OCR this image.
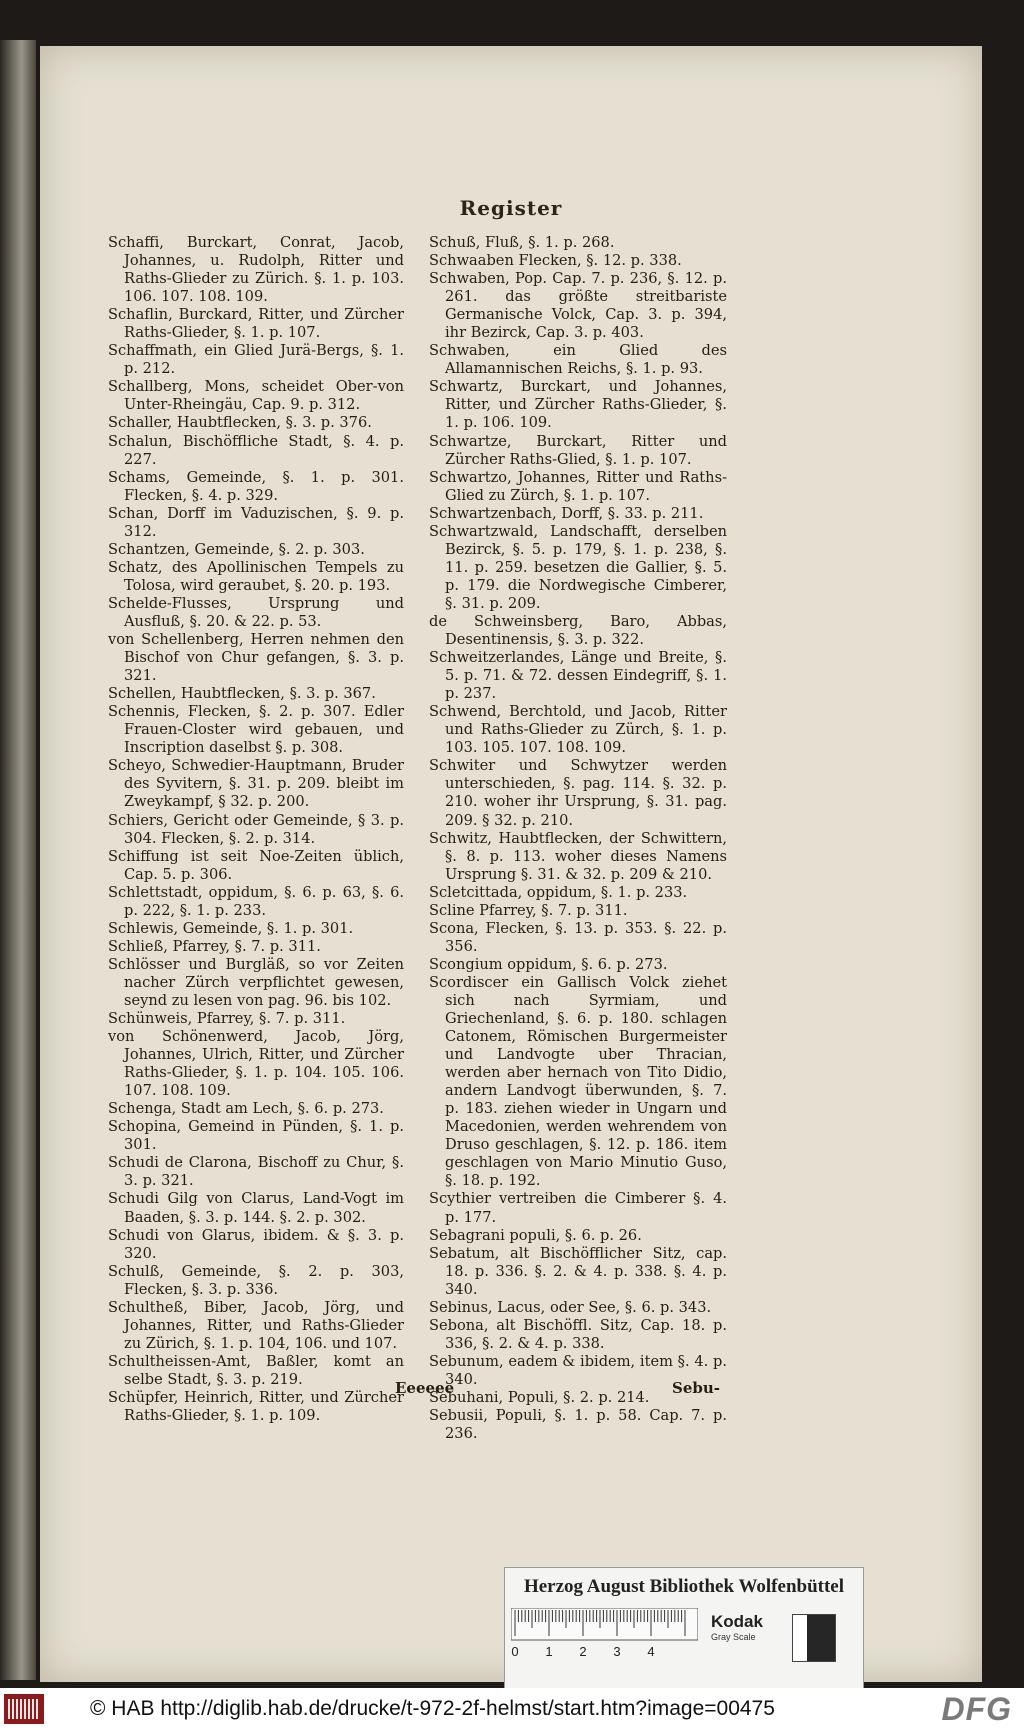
Register

Schaffi, Burckart, Conrat, Jacob, Johannes, u. Rudolph, Ritter und Raths-Glieder zu Zürich. §. 1. p. 103. 106. 107. 108. 109.

Schaflin, Burckard, Ritter, und Zürcher Raths-Glieder, §. 1. p. 107.

Schaffmath, ein Glied Jurä-Bergs, §. 1. p. 212.

Schallberg, Mons, scheidet Ober-von Unter-Rheingäu, Cap. 9. p. 312.

Schaller, Haubtflecken, §. 3. p. 376.

Schalun, Bischöffliche Stadt, §. 4. p. 227.

Schams, Gemeinde, §. 1. p. 301. Flecken, §. 4. p. 329.

Schan, Dorff im Vaduzischen, §. 9. p. 312.

Schantzen, Gemeinde, §. 2. p. 303.

Schatz, des Apollinischen Tempels zu Tolosa, wird geraubet, §. 20. p. 193.

Schelde-Flusses, Ursprung und Ausfluß, §. 20. & 22. p. 53.

von Schellenberg, Herren nehmen den Bischof von Chur gefangen, §. 3. p. 321.

Schellen, Haubtflecken, §. 3. p. 367.

Schennis, Flecken, §. 2. p. 307. Edler Frauen-Closter wird gebauen, und Inscription daselbst §. p. 308.

Scheyo, Schwedier-Hauptmann, Bruder des Syvitern, §. 31. p. 209. bleibt im Zweykampf, § 32. p. 200.

Schiers, Gericht oder Gemeinde, § 3. p. 304. Flecken, §. 2. p. 314.

Schiffung ist seit Noe-Zeiten üblich, Cap. 5. p. 306.

Schlettstadt, oppidum, §. 6. p. 63, §. 6. p. 222, §. 1. p. 233.

Schlewis, Gemeinde, §. 1. p. 301.

Schließ, Pfarrey, §. 7. p. 311.

Schlösser und Burgläß, so vor Zeiten nacher Zürch verpflichtet gewesen, seynd zu lesen von pag. 96. bis 102.

Schünweis, Pfarrey, §. 7. p. 311.

von Schönenwerd, Jacob, Jörg, Johannes, Ulrich, Ritter, und Zürcher Raths-Glieder, §. 1. p. 104. 105. 106. 107. 108. 109.

Schenga, Stadt am Lech, §. 6. p. 273.

Schopina, Gemeind in Pünden, §. 1. p. 301.

Schudi de Clarona, Bischoff zu Chur, §. 3. p. 321.

Schudi Gilg von Clarus, Land-Vogt im Baaden, §. 3. p. 144. §. 2. p. 302.

Schudi von Glarus, ibidem. & §. 3. p. 320.

Schulß, Gemeinde, §. 2. p. 303, Flecken, §. 3. p. 336.

Schultheß, Biber, Jacob, Jörg, und Johannes, Ritter, und Raths-Glieder zu Zürich, §. 1. p. 104, 106. und 107.

Schultheissen-Amt, Baßler, komt an selbe Stadt, §. 3. p. 219.

Schüpfer, Heinrich, Ritter, und Zürcher Raths-Glieder, §. 1. p. 109.

Schuß, Fluß, §. 1. p. 268.

Schwaaben Flecken, §. 12. p. 338.

Schwaben, Pop. Cap. 7. p. 236, §. 12. p. 261. das größte streitbariste Germanische Volck, Cap. 3. p. 394, ihr Bezirck, Cap. 3. p. 403.

Schwaben, ein Glied des Allamannischen Reichs, §. 1. p. 93.

Schwartz, Burckart, und Johannes, Ritter, und Zürcher Raths-Glieder, §. 1. p. 106. 109.

Schwartze, Burckart, Ritter und Zürcher Raths-Glied, §. 1. p. 107.

Schwartzo, Johannes, Ritter und Raths-Glied zu Zürch, §. 1. p. 107.

Schwartzenbach, Dorff, §. 33. p. 211.

Schwartzwald, Landschafft, derselben Bezirck, §. 5. p. 179, §. 1. p. 238, §. 11. p. 259. besetzen die Gallier, §. 5. p. 179. die Nordwegische Cimberer, §. 31. p. 209.

de Schweinsberg, Baro, Abbas, Desentinensis, §. 3. p. 322.

Schweitzerlandes, Länge und Breite, §. 5. p. 71. & 72. dessen Eindegriff, §. 1. p. 237.

Schwend, Berchtold, und Jacob, Ritter und Raths-Glieder zu Zürch, §. 1. p. 103. 105. 107. 108. 109.

Schwiter und Schwytzer werden unterschieden, §. pag. 114. §. 32. p. 210. woher ihr Ursprung, §. 31. pag. 209. § 32. p. 210.

Schwitz, Haubtflecken, der Schwittern, §. 8. p. 113. woher dieses Namens Ursprung §. 31. & 32. p. 209 & 210.

Scletcittada, oppidum, §. 1. p. 233.

Scline Pfarrey, §. 7. p. 311.

Scona, Flecken, §. 13. p. 353. §. 22. p. 356.

Scongium oppidum, §. 6. p. 273.

Scordiscer ein Gallisch Volck ziehet sich nach Syrmiam, und Griechenland, §. 6. p. 180. schlagen Catonem, Römischen Burgermeister und Landvogte uber Thracian, werden aber hernach von Tito Didio, andern Landvogt überwunden, §. 7. p. 183. ziehen wieder in Ungarn und Macedonien, werden wehrendem von Druso geschlagen, §. 12. p. 186. item geschlagen von Mario Minutio Guso, §. 18. p. 192.

Scythier vertreiben die Cimberer §. 4. p. 177.

Sebagrani populi, §. 6. p. 26.

Sebatum, alt Bischöfflicher Sitz, cap. 18. p. 336. §. 2. & 4. p. 338. §. 4. p. 340.

Sebinus, Lacus, oder See, §. 6. p. 343.

Sebona, alt Bischöffl. Sitz, Cap. 18. p. 336, §. 2. & 4. p. 338.

Sebunum, eadem & ibidem, item §. 4. p. 340.

Sebuhani, Populi, §. 2. p. 214.

Sebusii, Populi, §. 1. p. 58. Cap. 7. p. 236.

Eeeeee	Sebu-
Herzog August Bibliothek Wolfenbüttel
0 1 2 3 4
Kodak
Gray Scale
© HAB http://diglib.hab.de/drucke/t-972-2f-helmst/start.htm?image=00475	DFG
